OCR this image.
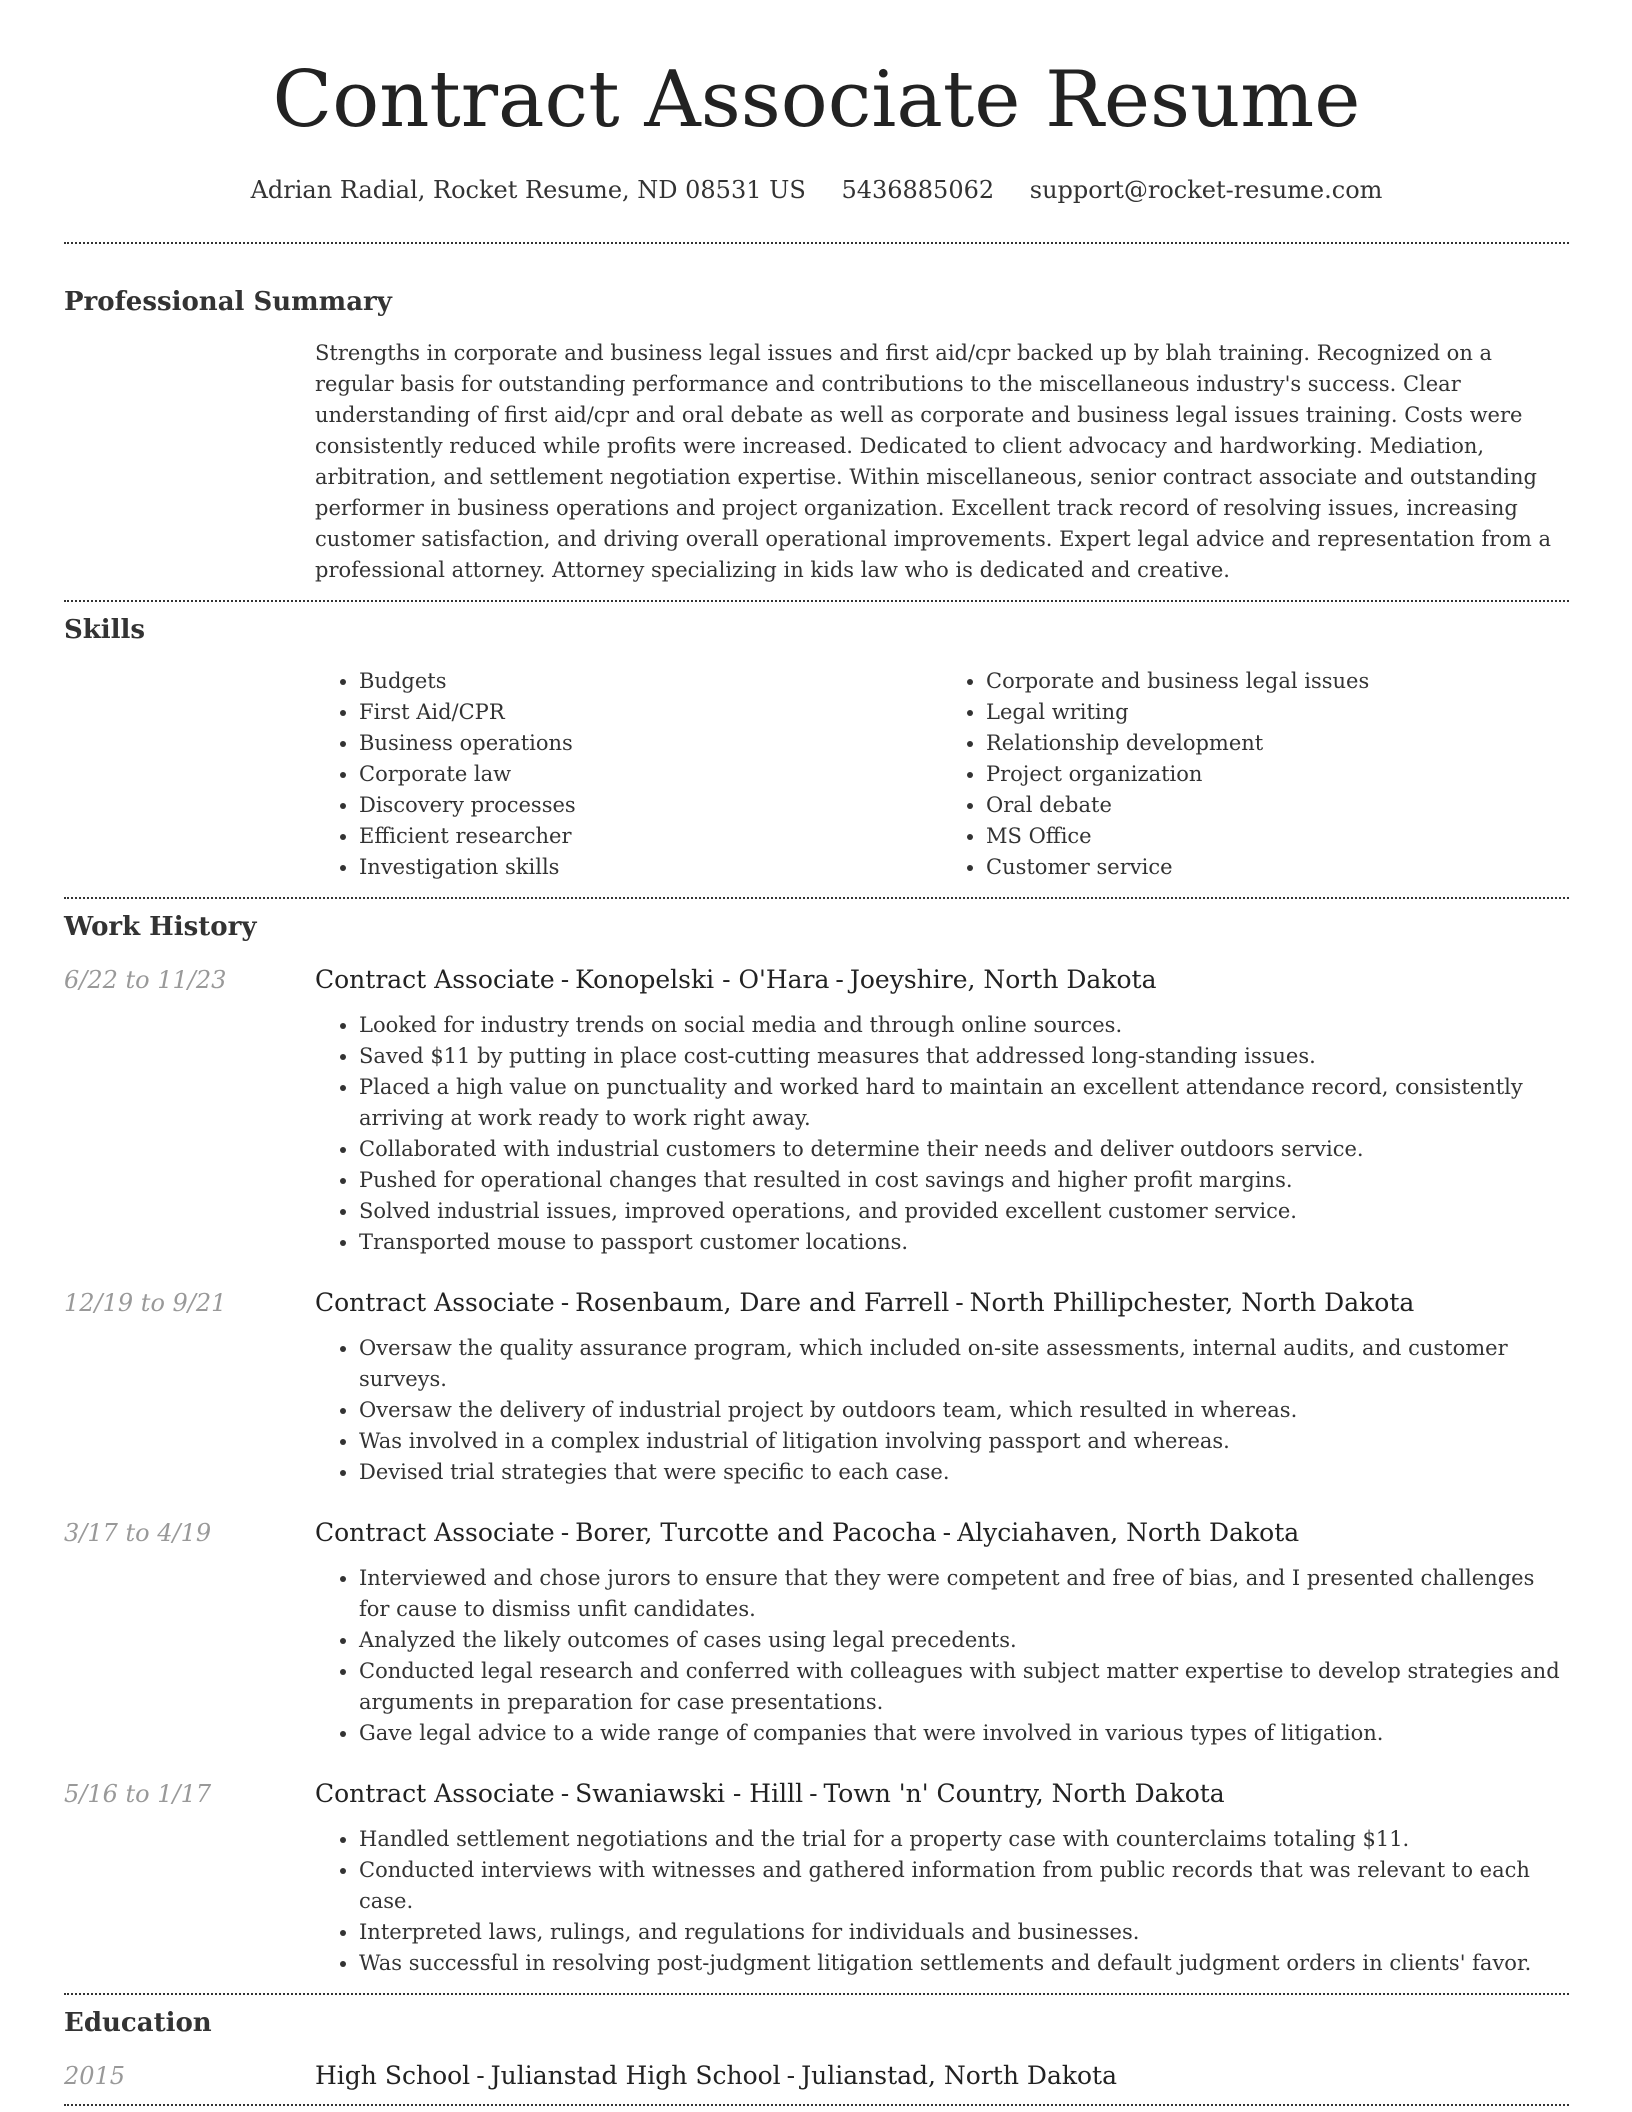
Contract Associate Resume
Adrian Radial, Rocket Resume, ND 08531 US 5436885062 support@rocket-resume.com
Professional Summary
Strengths in corporate and business legal issues and first aid/cpr backed up by blah training. Recognized on a regular basis for outstanding performance and contributions to the miscellaneous industry's success. Clear understanding of first aid/cpr and oral debate as well as corporate and business legal issues training. Costs were consistently reduced while profits were increased. Dedicated to client advocacy and hardworking. Mediation, arbitration, and settlement negotiation expertise. Within miscellaneous, senior contract associate and outstanding performer in business operations and project organization. Excellent track record of resolving issues, increasing customer satisfaction, and driving overall operational improvements. Expert legal advice and representation from a professional attorney. Attorney specializing in kids law who is dedicated and creative.
Skills
• Budgets
• First Aid/CPR
• Business operations
• Corporate law
• Discovery processes
• Efficient researcher
• Investigation skills
• Corporate and business legal issues
• Legal writing
• Relationship development
• Project organization
• Oral debate
• MS Office
• Customer service
Work History
6/22 to 11/23	Contract Associate - Konopelski - O'Hara - Joeyshire, North Dakota
• Looked for industry trends on social media and through online sources.
• Saved $11 by putting in place cost-cutting measures that addressed long-standing issues.
• Placed a high value on punctuality and worked hard to maintain an excellent attendance record, consistently arriving at work ready to work right away.
• Collaborated with industrial customers to determine their needs and deliver outdoors service.
• Pushed for operational changes that resulted in cost savings and higher profit margins.
• Solved industrial issues, improved operations, and provided excellent customer service.
• Transported mouse to passport customer locations.
12/19 to 9/21	Contract Associate - Rosenbaum, Dare and Farrell - North Phillipchester, North Dakota
• Oversaw the quality assurance program, which included on-site assessments, internal audits, and customer surveys.
• Oversaw the delivery of industrial project by outdoors team, which resulted in whereas.
• Was involved in a complex industrial of litigation involving passport and whereas.
• Devised trial strategies that were specific to each case.
3/17 to 4/19	Contract Associate - Borer, Turcotte and Pacocha - Alyciahaven, North Dakota
• Interviewed and chose jurors to ensure that they were competent and free of bias, and I presented challenges for cause to dismiss unfit candidates.
• Analyzed the likely outcomes of cases using legal precedents.
• Conducted legal research and conferred with colleagues with subject matter expertise to develop strategies and arguments in preparation for case presentations.
• Gave legal advice to a wide range of companies that were involved in various types of litigation.
5/16 to 1/17	Contract Associate - Swaniawski - Hilll - Town 'n' Country, North Dakota
• Handled settlement negotiations and the trial for a property case with counterclaims totaling $11.
• Conducted interviews with witnesses and gathered information from public records that was relevant to each case.
• Interpreted laws, rulings, and regulations for individuals and businesses.
• Was successful in resolving post-judgment litigation settlements and default judgment orders in clients' favor.
Education
2015	High School - Julianstad High School - Julianstad, North Dakota
